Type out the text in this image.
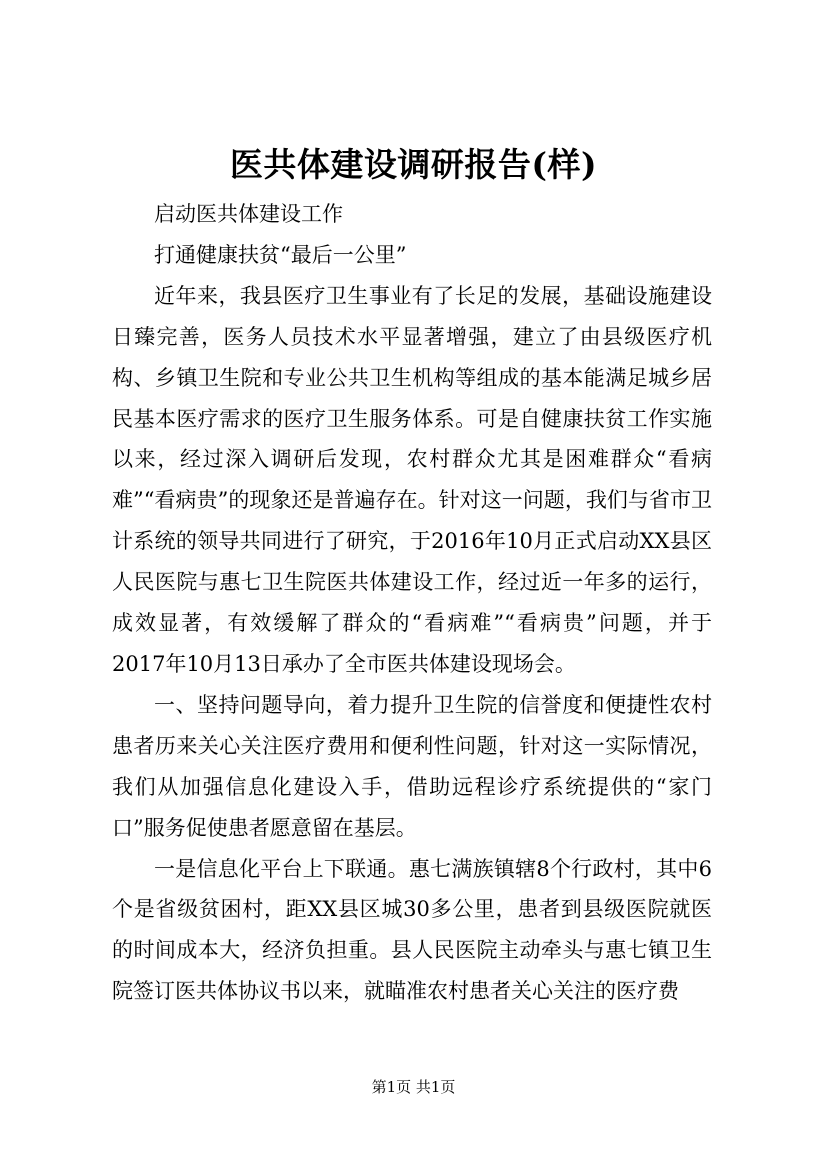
医共体建设调研报告(样)

启动医共体建设工作

打通健康扶贫“最后一公里”

近年来，我县医疗卫生事业有了长足的发展，基础设施建设日臻完善，医务人员技术水平显著增强，建立了由县级医疗机构、乡镇卫生院和专业公共卫生机构等组成的基本能满足城乡居民基本医疗需求的医疗卫生服务体系。可是自健康扶贫工作实施以来，经过深入调研后发现，农村群众尤其是困难群众“看病难”“看病贵”的现象还是普遍存在。针对这一问题，我们与省市卫计系统的领导共同进行了研究，于2016年10月正式启动XX县区人民医院与惠七卫生院医共体建设工作，经过近一年多的运行，成效显著，有效缓解了群众的“看病难”“看病贵”问题，并于2017年10月13日承办了全市医共体建设现场会。

一、坚持问题导向，着力提升卫生院的信誉度和便捷性农村患者历来关心关注医疗费用和便利性问题，针对这一实际情况，我们从加强信息化建设入手，借助远程诊疗系统提供的“家门口”服务促使患者愿意留在基层。

一是信息化平台上下联通。惠七满族镇辖8个行政村，其中6个是省级贫困村，距XX县区城30多公里，患者到县级医院就医的时间成本大，经济负担重。县人民医院主动牵头与惠七镇卫生院签订医共体协议书以来，就瞄准农村患者关心关注的医疗费

第1页 共1页
